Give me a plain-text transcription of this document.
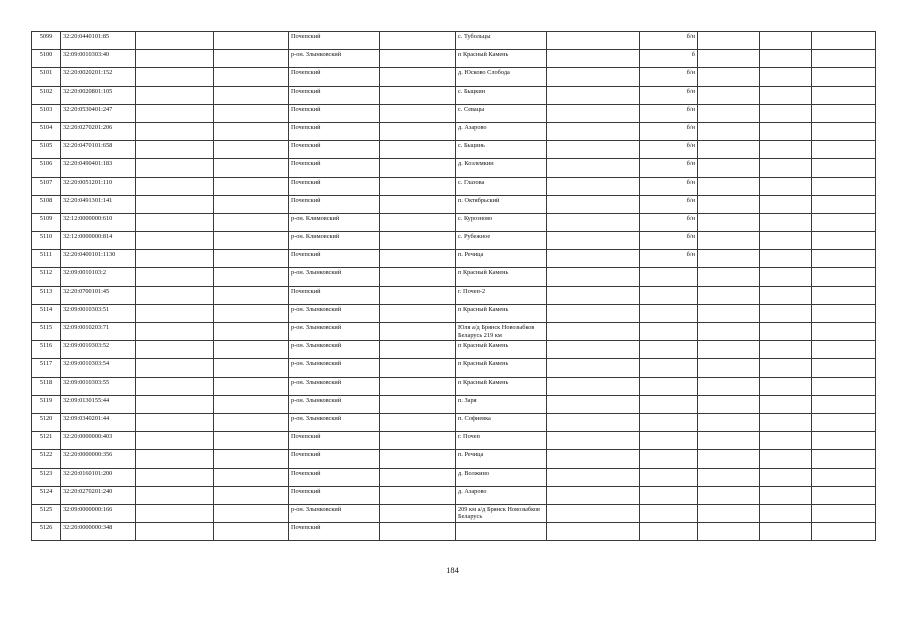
5099	32:20:0440101:85			Почепский		с. Тубольцы		б/н			
5100	32:09:0010303:40			р-он. Злынковский		п Красный Камень		б			
5101	32:20:0020201:152			Почепский		д. Юсково Слобода		б/н			
5102	32:20:0020801:105			Почепский		с. Бьщкин		б/н			
5103	32:20:0530401:247			Почепский		с. Севацы		б/н			
5104	32:20:0270201:206			Почепский		д. Азарово		б/н			
5105	32:20:0470101:658			Почепский		с. Бьщинь		б/н			
5106	32:20:0490401:183			Почепский		д. Козлемкин		б/н			
5107	32:20:0051201:110			Почепский		с. Глазова		б/н			
5108	32:20:0491301:141			Почепский		п. Октябрьский		б/н			
5109	32:12:0000000:610			р-он. Климовский		с. Курозново		б/н			
5110	32:12:0000000:814			р-он. Климовский		с. Рубежное		б/н			
5111	32:20:0400101:1130			Почепский		п. Речица		б/н			
5112	32:09:0010103:2			р-он. Злынковский		п Красный Камень					
5113	32:20:0700101:45			Почепский		г. Почеп-2					
5114	32:09:0010303:51			р-он. Злынковский		п Красный Камень					
5115	32:09:0010203:71			р-он. Злынковский		Юля а/д Брянск Новозыбков Беларусь 219 км					
5116	32:09:0010303:52			р-он. Злынковский		п Красный Камень					
5117	32:09:0010303:54			р-он. Злынковский		п Красный Камень					
5118	32:09:0010303:55			р-он. Злынковский		п Красный Камень					
5119	32:09:0130155:44			р-он. Злынковский		п. Заря					
5120	32:09:0340201:44			р-он. Злынковский		п. Софиевка					
5121	32:20:0000000:403			Почепский		г. Почеп					
5122	32:20:0000000:356			Почепский		п. Речица					
5123	32:20:0160101:200			Почепский		д. Волжино					
5124	32:20:0270201:240			Почепский		д. Азарово					
5125	32:09:0000000:166			р-он. Злынковский		209 км а/д Брянск Новозыбков Беларусь					
5126	32:20:0000000:348			Почепский							
184
